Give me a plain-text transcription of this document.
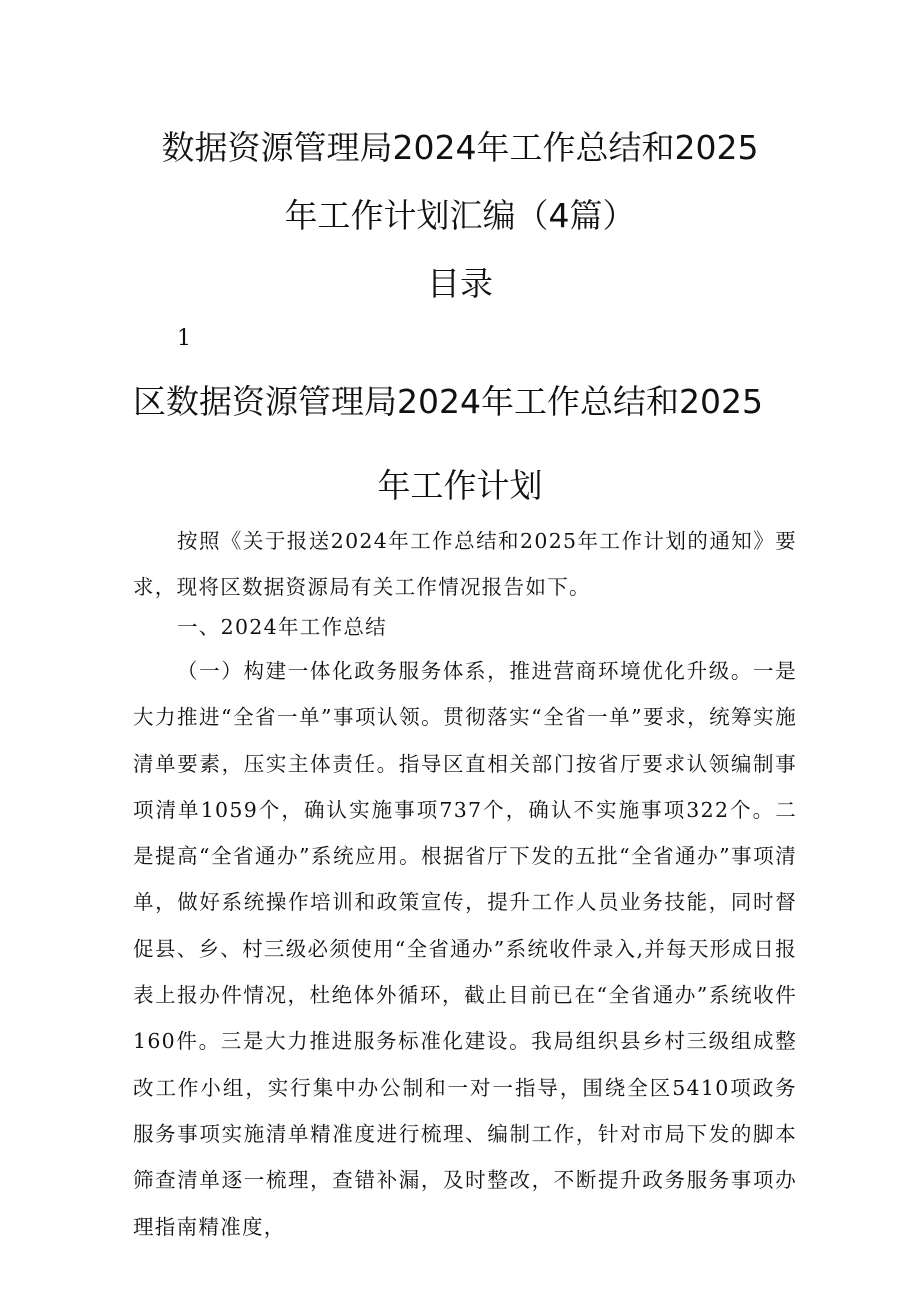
数据资源管理局2024年工作总结和2025
年工作计划汇编（4篇）
目录
1
区数据资源管理局2024年工作总结和2025
年工作计划
按照《关于报送2024年工作总结和2025年工作计划的通知》要求，现将区数据资源局有关工作情况报告如下。
一、2024年工作总结
（一）构建一体化政务服务体系，推进营商环境优化升级。一是大力推进“全省一单”事项认领。贯彻落实“全省一单”要求，统筹实施清单要素，压实主体责任。指导区直相关部门按省厅要求认领编制事项清单1059个，确认实施事项737个，确认不实施事项322个。二是提高“全省通办”系统应用。根据省厅下发的五批“全省通办”事项清单，做好系统操作培训和政策宣传，提升工作人员业务技能，同时督促县、乡、村三级必须使用“全省通办”系统收件录入,并每天形成日报表上报办件情况，杜绝体外循环，截止目前已在“全省通办”系统收件160件。三是大力推进服务标准化建设。我局组织县乡村三级组成整改工作小组，实行集中办公制和一对一指导，围绕全区5410项政务服务事项实施清单精准度进行梳理、编制工作，针对市局下发的脚本筛查清单逐一梳理，查错补漏，及时整改，不断提升政务服务事项办理指南精准度，
